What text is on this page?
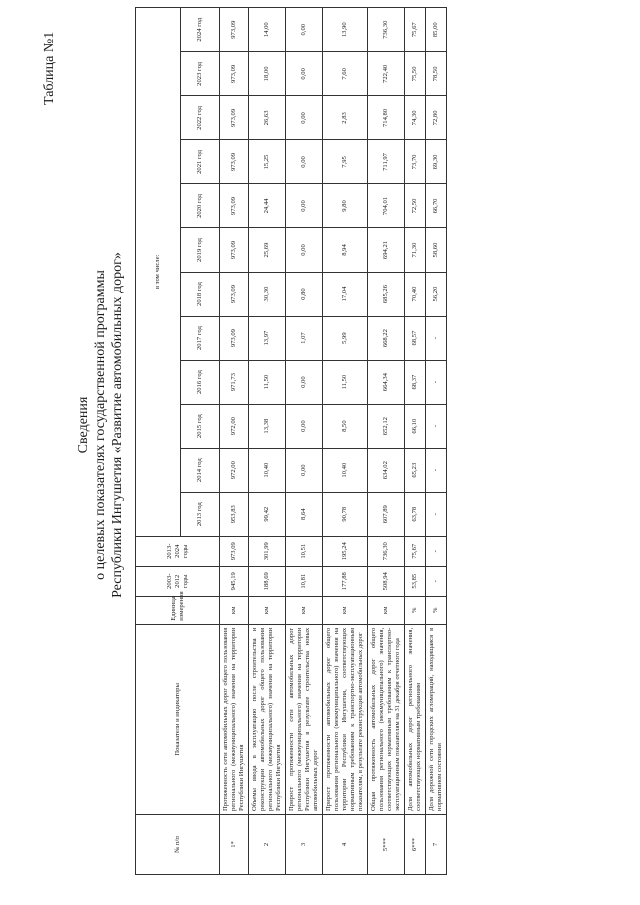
Таблица №1
Сведения о целевых показателях государственной программы Республики Ингушетия «Развитие автомобильных дорог»
№ п/п	Показатели и индикаторы	Единица измерения	2003-2012 годы	2013-2024 годы	в том числе:											
					2013 год	2014 год	2015 год	2016 год	2017 год	2018 год	2019 год	2020 год	2021 год	2022 год	2023 год	2024 год
1*	Протяженность сети автомобильных дорог общего пользования регионального (межмуниципального) значения на территории Республики Ингушетия	км	945,19	973,09	953,83	972,00	972,00	971,73	973,09	973,09	973,09	973,09	973,09	973,09	973,09	973,09
2	Объемы ввода в эксплуатацию после строительства и реконструкции автомобильных дорог общего пользования регионального (межмуниципального) значения на территории Республики Ингушетия	км	188,69	301,99	99,42	10,40	13,38	11,50	13,97	30,30	25,69	24,44	15,25	26,63	18,00	14,00
3	Прирост протяженности сети автомобильных дорог регионального (межмуниципального) значения на территории Республики Ингушетия в результате строительства новых автомобильных дорог	км	10,81	10,51	8,64	0,00	0,00	0,00	1,07	0,80	0,00	0,00	0,00	0,00	0,00	0,00
4	Прирост протяженности автомобильных дорог общего пользования регионального (межмуниципального) значения на территории Республики Ингушетия, соответствующих нормативным требованиям к транспортно-эксплуатационным показателям, в результате реконструкции автомобильных дорог	км	177,88	195,24	90,78	10,40	8,50	11,50	5,99	17,04	8,94	9,80	7,95	2,83	7,60	13,90
5***	Общая протяженность автомобильных дорог общего пользования регионального (межмуниципального) значения, соответствующих нормативным требованиям к транспортно-эксплуатационным показателям на 31 декабря отчетного года	км	508,94	736,30	607,89	634,02	652,12	664,34	668,22	685,26	694,21	704,01	711,97	714,80	722,40	736,30
6***	Доля автомобильных дорог регионального значения, соответствующих нормативным требованиям	%	53,85	75,67	63,78	65,23	66,10	68,37	68,57	70,40	71,30	72,50	73,70	74,30	75,50	75,67
7	Доля дорожной сети городских агломераций, находящаяся в нормативном состоянии	%	-	-	-	-	-	-	-	56,20	58,60	66,70	69,30	72,80	78,50	85,00
